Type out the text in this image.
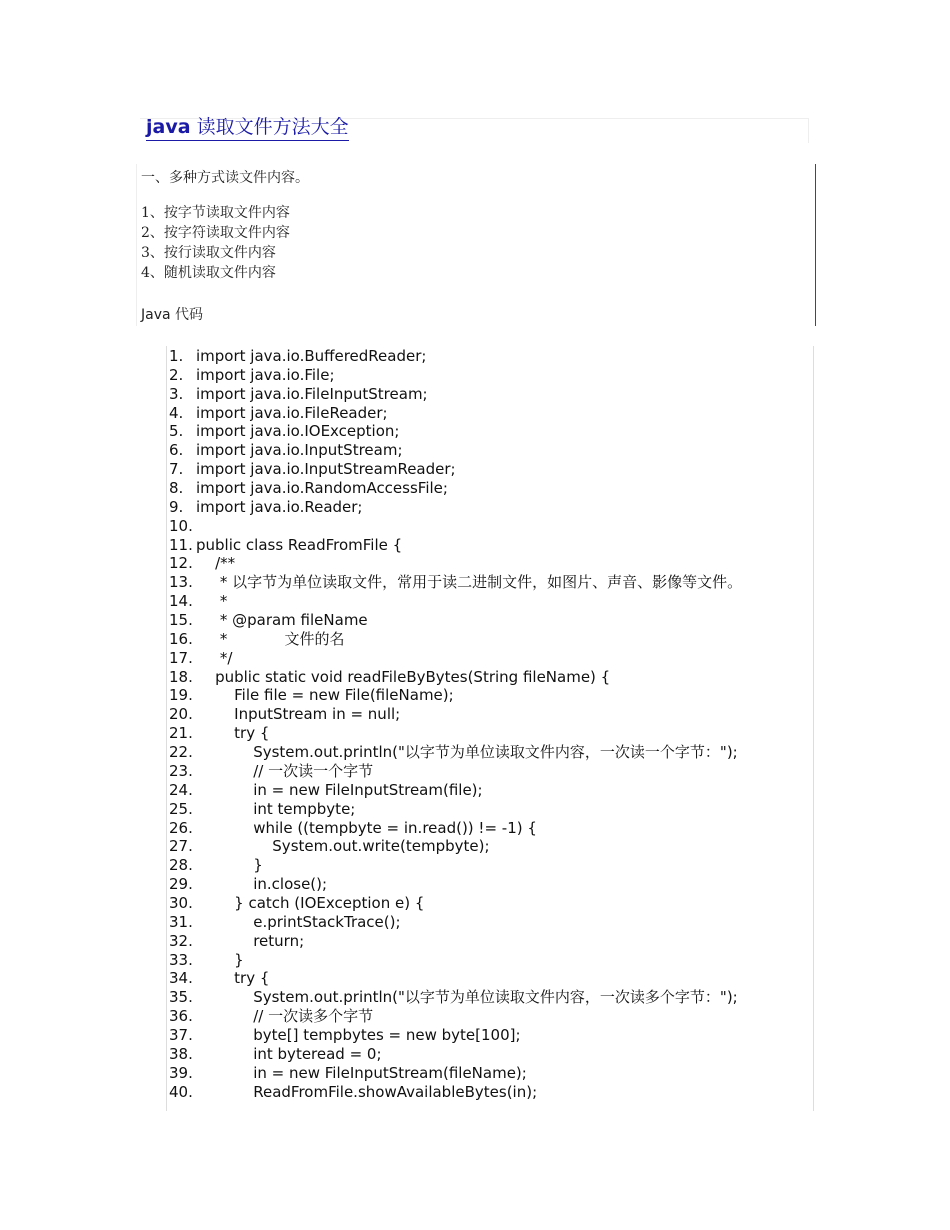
java 读取文件方法大全
一、多种方式读文件内容。
1、按字节读取文件内容
2、按字符读取文件内容
3、按行读取文件内容
4、随机读取文件内容
Java 代码
1. import java.io.BufferedReader;
2. import java.io.File;
3. import java.io.FileInputStream;
4. import java.io.FileReader;
5. import java.io.IOException;
6. import java.io.InputStream;
7. import java.io.InputStreamReader;
8. import java.io.RandomAccessFile;
9. import java.io.Reader;
10.
11. public class ReadFromFile {
12. /**
13. * 以字节为单位读取文件，常用于读二进制文件，如图片、声音、影像等文件。
14. *
15. * @param fileName
16. *            文件的名
17. */
18. public static void readFileByBytes(String fileName) {
19. File file = new File(fileName);
20. InputStream in = null;
21. try {
22. System.out.println("以字节为单位读取文件内容，一次读一个字节：");
23. // 一次读一个字节
24. in = new FileInputStream(file);
25. int tempbyte;
26. while ((tempbyte = in.read()) != -1) {
27. System.out.write(tempbyte);
28. }
29. in.close();
30. } catch (IOException e) {
31. e.printStackTrace();
32. return;
33. }
34. try {
35. System.out.println("以字节为单位读取文件内容，一次读多个字节：");
36. // 一次读多个字节
37. byte[] tempbytes = new byte[100];
38. int byteread = 0;
39. in = new FileInputStream(fileName);
40. ReadFromFile.showAvailableBytes(in);
